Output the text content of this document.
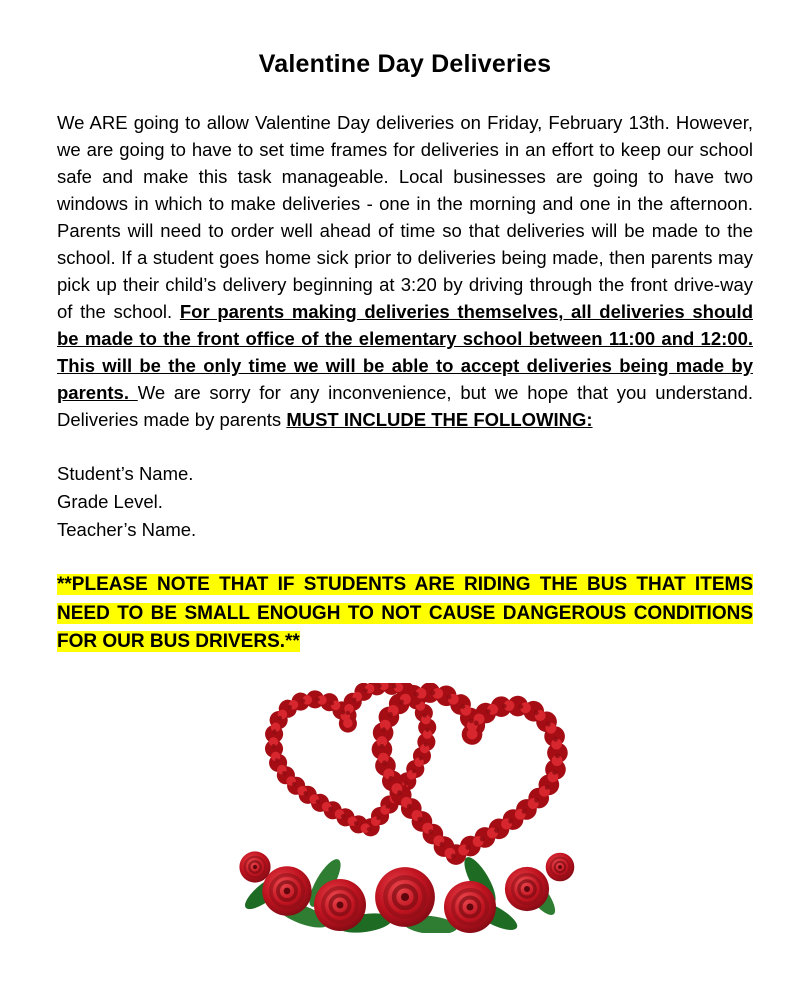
Valentine Day Deliveries

We ARE going to allow Valentine Day deliveries on Friday, February 13th. However, we are going to have to set time frames for deliveries in an effort to keep our school safe and make this task manageable. Local businesses are going to have two windows in which to make deliveries - one in the morning and one in the afternoon. Parents will need to order well ahead of time so that deliveries will be made to the school. If a student goes home sick prior to deliveries being made, then parents may pick up their child’s delivery beginning at 3:20 by driving through the front drive-way of the school. For parents making deliveries themselves, all deliveries should be made to the front office of the elementary school between 11:00 and 12:00. This will be the only time we will be able to accept deliveries being made by parents. We are sorry for any inconvenience, but we hope that you understand. Deliveries made by parents MUST INCLUDE THE FOLLOWING:

Student’s Name.
Grade Level.
Teacher’s Name.

**PLEASE NOTE THAT IF STUDENTS ARE RIDING THE BUS THAT ITEMS NEED TO BE SMALL ENOUGH TO NOT CAUSE DANGEROUS CONDITIONS FOR OUR BUS DRIVERS.**
